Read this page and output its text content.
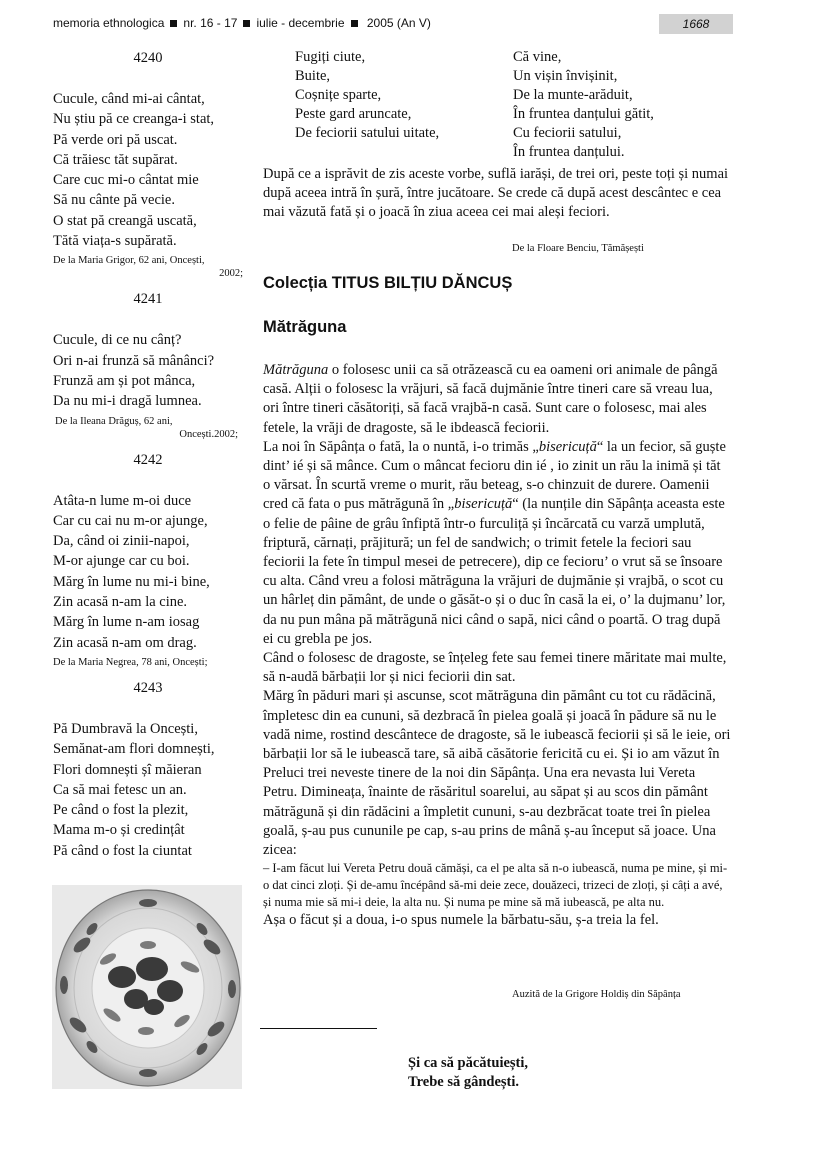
memoria ethnologica nr. 16 - 17 iulie - decembrie 2005 (An V)	1668
4240
Cucule, când mi-ai cântat,
Nu știu pă ce creanga-i stat,
Pă verde ori pă uscat.
Că trăiesc tăt supărat.
Care cuc mi-o cântat mie
Să nu cânte pă vecie.
O stat pă creangă uscată,
Tătă viața-s supărată.
De la Maria Grigor, 62 ani, Oncești,
2002;
4241
Cucule, di ce nu cânț?
Ori n-ai frunză să mânânci?
Frunză am și pot mânca,
Da nu mi-i dragă lumnea.
De la Ileana Drăguș, 62 ani,
Oncești.2002;
4242
Atâta-n lume m-oi duce
Car cu cai nu m-or ajunge,
Da, când oi zinii-napoi,
M-or ajunge car cu boi.
Mărg în lume nu mi-i bine,
Zin acasă n-am la cine.
Mărg în lume n-am iosag
Zin acasă n-am om drag.
De la Maria Negrea, 78 ani, Oncești;
4243
Pă Dumbravă la Oncești,
Semănat-am flori domnești,
Flori domnești șî măieran
Ca să mai fetesc un an.
Pe când o fost la plezit,
Mama m-o și credințât
Pă când o fost la ciuntat
Fugiți ciute,
Buite,
Coșnițe sparte,
Peste gard aruncate,
De feciorii satului uitate,
Că vine,
Un vișin învișinit,
De la munte-arăduit,
În fruntea danțului gătit,
Cu feciorii satului,
În fruntea danțului.

După ce a isprăvit de zis aceste vorbe, suflă iarăși, de trei ori, peste toți și numai după aceea intră în șură, între jucătoare. Se crede că după acest descântec e cea mai văzută fată și o joacă în ziua aceea cei mai aleși feciori.

De la Floare Benciu, Tămășești
Colecția TITUS BILȚIU DĂNCUȘ
Mătrăguna

Mătrăguna o folosesc unii ca să otrăzească cu ea oameni ori animale de pângă casă. Alții o folosesc la vrăjuri, să facă dujmănie între tineri care să vreau lua, ori între tineri căsătoriți, să facă vrajbă-n casă. Sunt care o folosesc, mai ales fetele, la vrăji de dragoste, să le ibdească feciorii.

La noi în Săpânța o fată, la o nuntă, i-o trimăs „bisericuță“ la un fecior, să guște dint’ ié și să mânce. Cum o mâncat fecioru din ié , io zinit un rău la inimă și tăt o vărsat. În scurtă vreme o murit, rău beteag, s-o chinzuit de durere. Oamenii cred că fata o pus mătrăgună în „bisericuță“ (la nunțile din Săpânța aceasta este o felie de pâine de grâu înfiptă într-o furculiță și încărcată cu varză umplută, friptură, cărnați, prăjitură; un fel de sandwich; o trimit fetele la feciori sau feciorii la fete în timpul mesei de petrecere), dip ce fecioru’ o vrut să se însoare cu alta. Când vreu a folosi mătrăguna la vrăjuri de dujmănie și vrajbă, o scot cu un hârleț din pământ, de unde o găsăt-o și o duc în casă la ei, o’ la dujmanu’ lor, da nu pun mâna pă mătrăgună nici când o sapă, nici când o poartă. O trag după ei cu grebla pe jos.

Când o folosesc de dragoste, se înțeleg fete sau femei tinere măritate mai multe, să n-audă bărbații lor și nici feciorii din sat.

Mărg în păduri mari și ascunse, scot mătrăguna din pământ cu tot cu rădăcină, împletesc din ea cununi, să dezbracă în pielea goală și joacă în pădure să nu le vadă nime, rostind descântece de dragoste, să le iubească feciorii și să le ieie, ori bărbații lor să le iubească tare, să aibă căsătorie fericită cu ei. Și io am văzut în Preluci trei neveste tinere de la noi din Săpânța. Una era nevasta lui Vereta Petru. Dimineața, înainte de răsăritul soarelui, au săpat și au scos din pământ mătrăgună și din rădăcini a împletit cununi, s-au dezbrăcat toate trei în pielea goală, ș-au pus cununile pe cap, s-au prins de mână ș-au început să joace. Una zicea:

– I-am făcut lui Vereta Petru două cămăși, ca el pe alta să n-o iubească, numa pe mine, și mi-o dat cinci zloți. Și de-amu încépând să-mi deie zece, douăzeci, trizeci de zloți, și câți a avé, și numa mie să mi-i deie, la alta nu. Și numa pe mine să mă iubească, pe alta nu.

Așa o făcut și a doua, i-o spus numele la bărbatu-său, ș-a treia la fel.

Auzită de la Grigore Holdiș din Săpânța
Și ca să păcătuiești,
Trebe să gândești.
